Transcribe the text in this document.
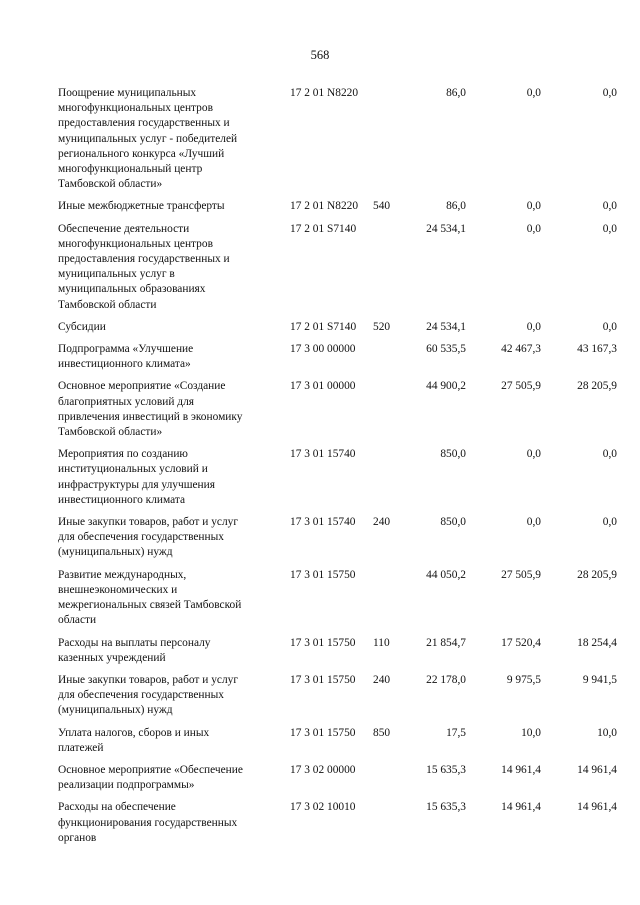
568
Поощрение муниципальных
многофункциональных центров
предоставления государственных и
муниципальных услуг - победителей
регионального конкурса «Лучший
многофункциональный центр
Тамбовской области»
17 2 01 N8220	86,0	0,0	0,0
Иные межбюджетные трансферты	17 2 01 N8220 540	86,0	0,0	0,0
Обеспечение деятельности
многофункциональных центров
предоставления государственных и
муниципальных услуг в
муниципальных образованиях
Тамбовской области
17 2 01 S7140	24 534,1	0,0	0,0
Субсидии	17 2 01 S7140 520	24 534,1	0,0	0,0
Подпрограмма «Улучшение
инвестиционного климата»
17 3 00 00000	60 535,5	42 467,3	43 167,3
Основное мероприятие «Создание
благоприятных условий для
привлечения инвестиций в экономику
Тамбовской области»
17 3 01 00000	44 900,2	27 505,9	28 205,9
Мероприятия по созданию
институциональных условий и
инфраструктуры для улучшения
инвестиционного климата
17 3 01 15740	850,0	0,0	0,0
Иные закупки товаров, работ и услуг
для обеспечения государственных
(муниципальных) нужд
17 3 01 15740 240	850,0	0,0	0,0
Развитие международных,
внешнеэкономических и
межрегиональных связей Тамбовской
области
17 3 01 15750	44 050,2	27 505,9	28 205,9
Расходы на выплаты персоналу
казенных учреждений
17 3 01 15750 110	21 854,7	17 520,4	18 254,4
Иные закупки товаров, работ и услуг
для обеспечения государственных
(муниципальных) нужд
17 3 01 15750 240	22 178,0	9 975,5	9 941,5
Уплата налогов, сборов и иных
платежей
17 3 01 15750 850	17,5	10,0	10,0
Основное мероприятие «Обеспечение
реализации подпрограммы»
17 3 02 00000	15 635,3	14 961,4	14 961,4
Расходы на обеспечение
функционирования государственных
органов
17 3 02 10010	15 635,3	14 961,4	14 961,4
